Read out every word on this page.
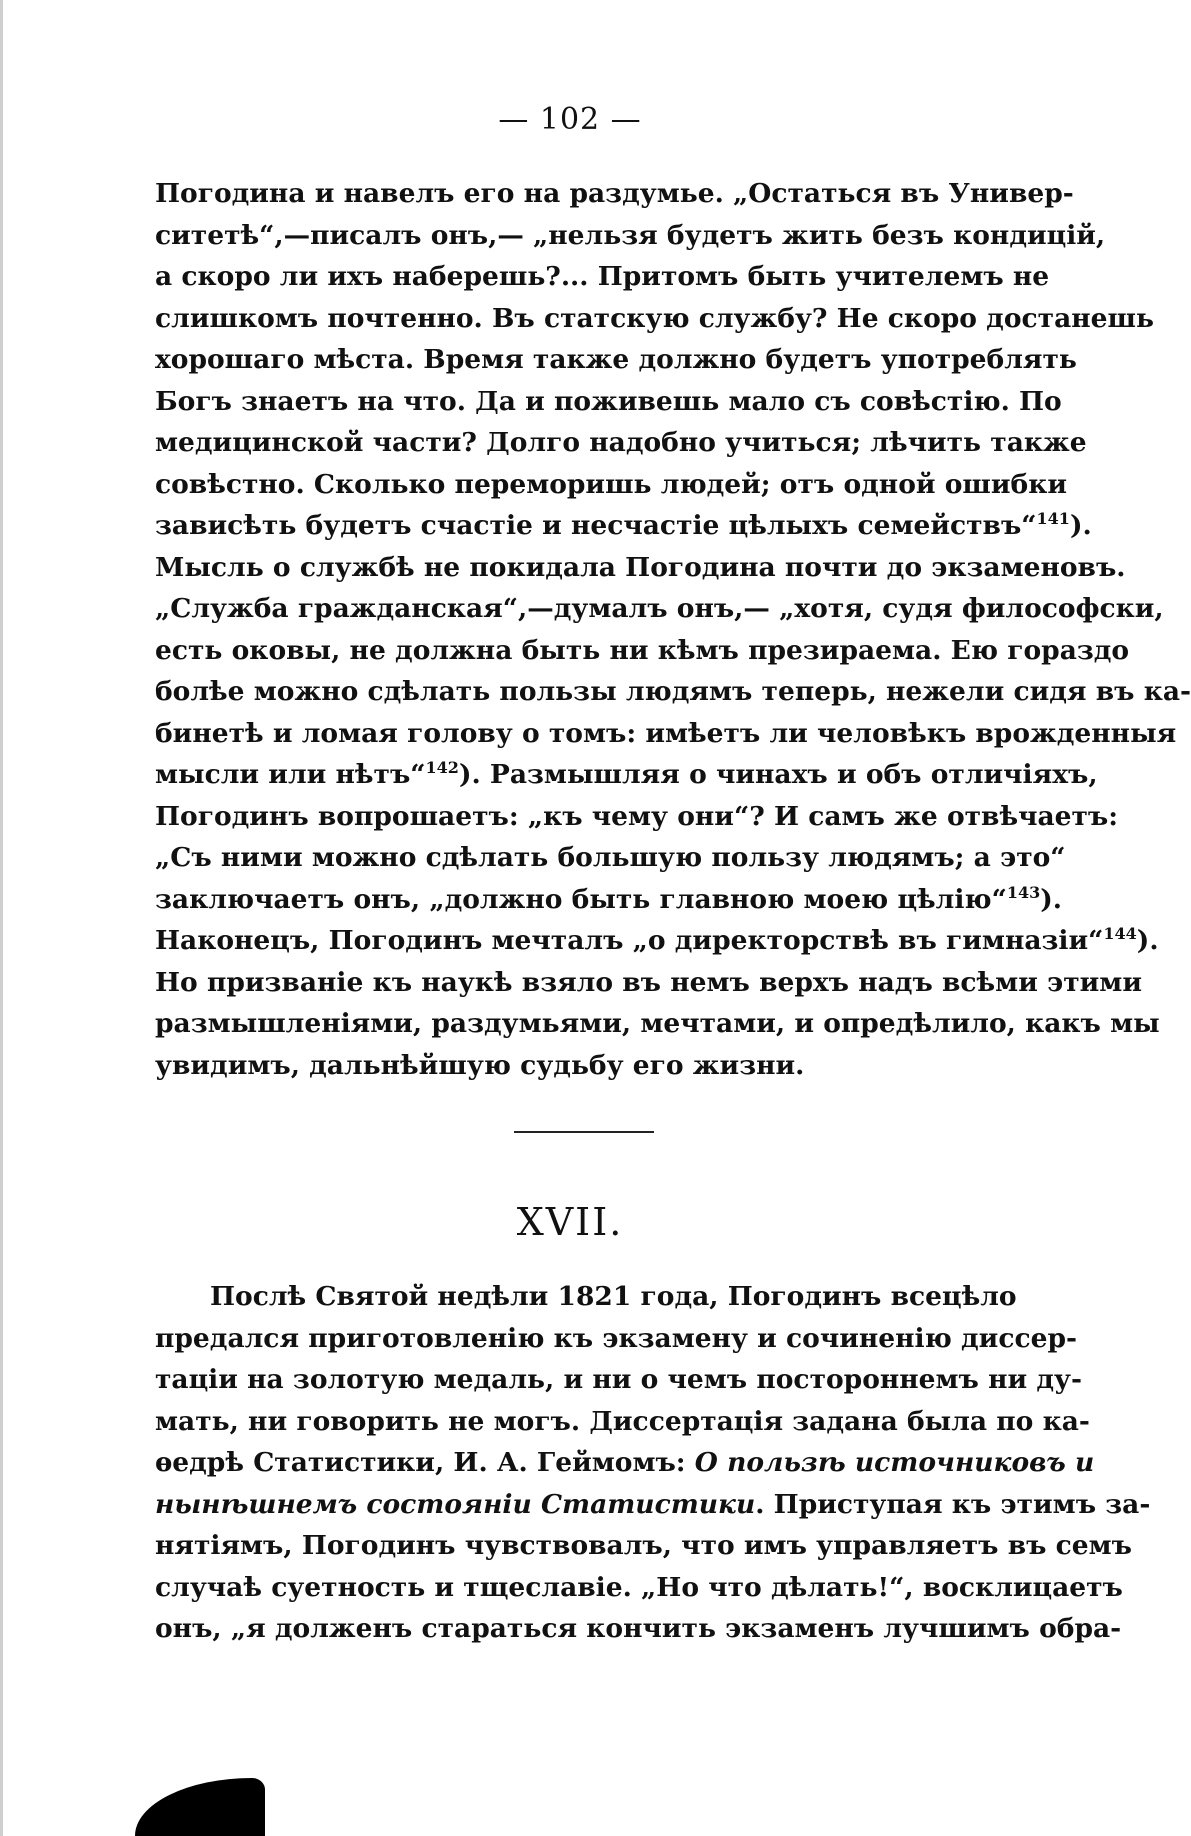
— 102 —
Погодина и навелъ его на раздумье. „Остаться въ Универ-
ситетѣ“,—писалъ онъ,— „нельзя будетъ жить безъ кондицій,
а скоро ли ихъ наберешь?... Притомъ быть учителемъ не
слишкомъ почтенно. Въ статскую службу? Не скоро достанешь
хорошаго мѣста. Время также должно будетъ употреблять
Богъ знаетъ на что. Да и поживешь мало съ совѣстію. По
медицинской части? Долго надобно учиться; лѣчить также
совѣстно. Сколько переморишь людей; отъ одной ошибки
зависѣть будетъ счастіе и несчастіе цѣлыхъ семействъ“$^{141}$).
Мысль о службѣ не покидала Погодина почти до экзаменовъ.
„Служба гражданская“,—думалъ онъ,— „хотя, судя философски,
есть оковы, не должна быть ни кѣмъ презираема. Ею гораздо
болѣе можно сдѣлать пользы людямъ теперь, нежели сидя въ ка-
бинетѣ и ломая голову о томъ: имѣетъ ли человѣкъ врожденныя
мысли или нѣтъ“$^{142}$). Размышляя о чинахъ и объ отличіяхъ,
Погодинъ вопрошаетъ: „къ чему они“? И самъ же отвѣчаетъ:
„Съ ними можно сдѣлать большую пользу людямъ; а это“
заключаетъ онъ, „должно быть главною моею цѣлію“$^{143}$).
Наконецъ, Погодинъ мечталъ „о директорствѣ въ гимназіи“$^{144}$).
Но призваніе къ наукѣ взяло въ немъ верхъ надъ всѣми этими
размышленіями, раздумьями, мечтами, и опредѣлило, какъ мы
увидимъ, дальнѣйшую судьбу его жизни.
XVII.
Послѣ Святой недѣли 1821 года, Погодинъ всецѣло
предался приготовленію къ экзамену и сочиненію диссер-
таціи на золотую медаль, и ни о чемъ постороннемъ ни ду-
мать, ни говорить не могъ. Диссертація задана была по ка-
ѳедрѣ Статистики, И. А. Геймомъ: О пользѣ источниковъ и
нынѣшнемъ состояніи Статистики. Приступая къ этимъ за-
нятіямъ, Погодинъ чувствовалъ, что имъ управляетъ въ семъ
случаѣ суетность и тщеславіе. „Но что дѣлать!“, восклицаетъ
онъ, „я долженъ стараться кончить экзаменъ лучшимъ обра-
